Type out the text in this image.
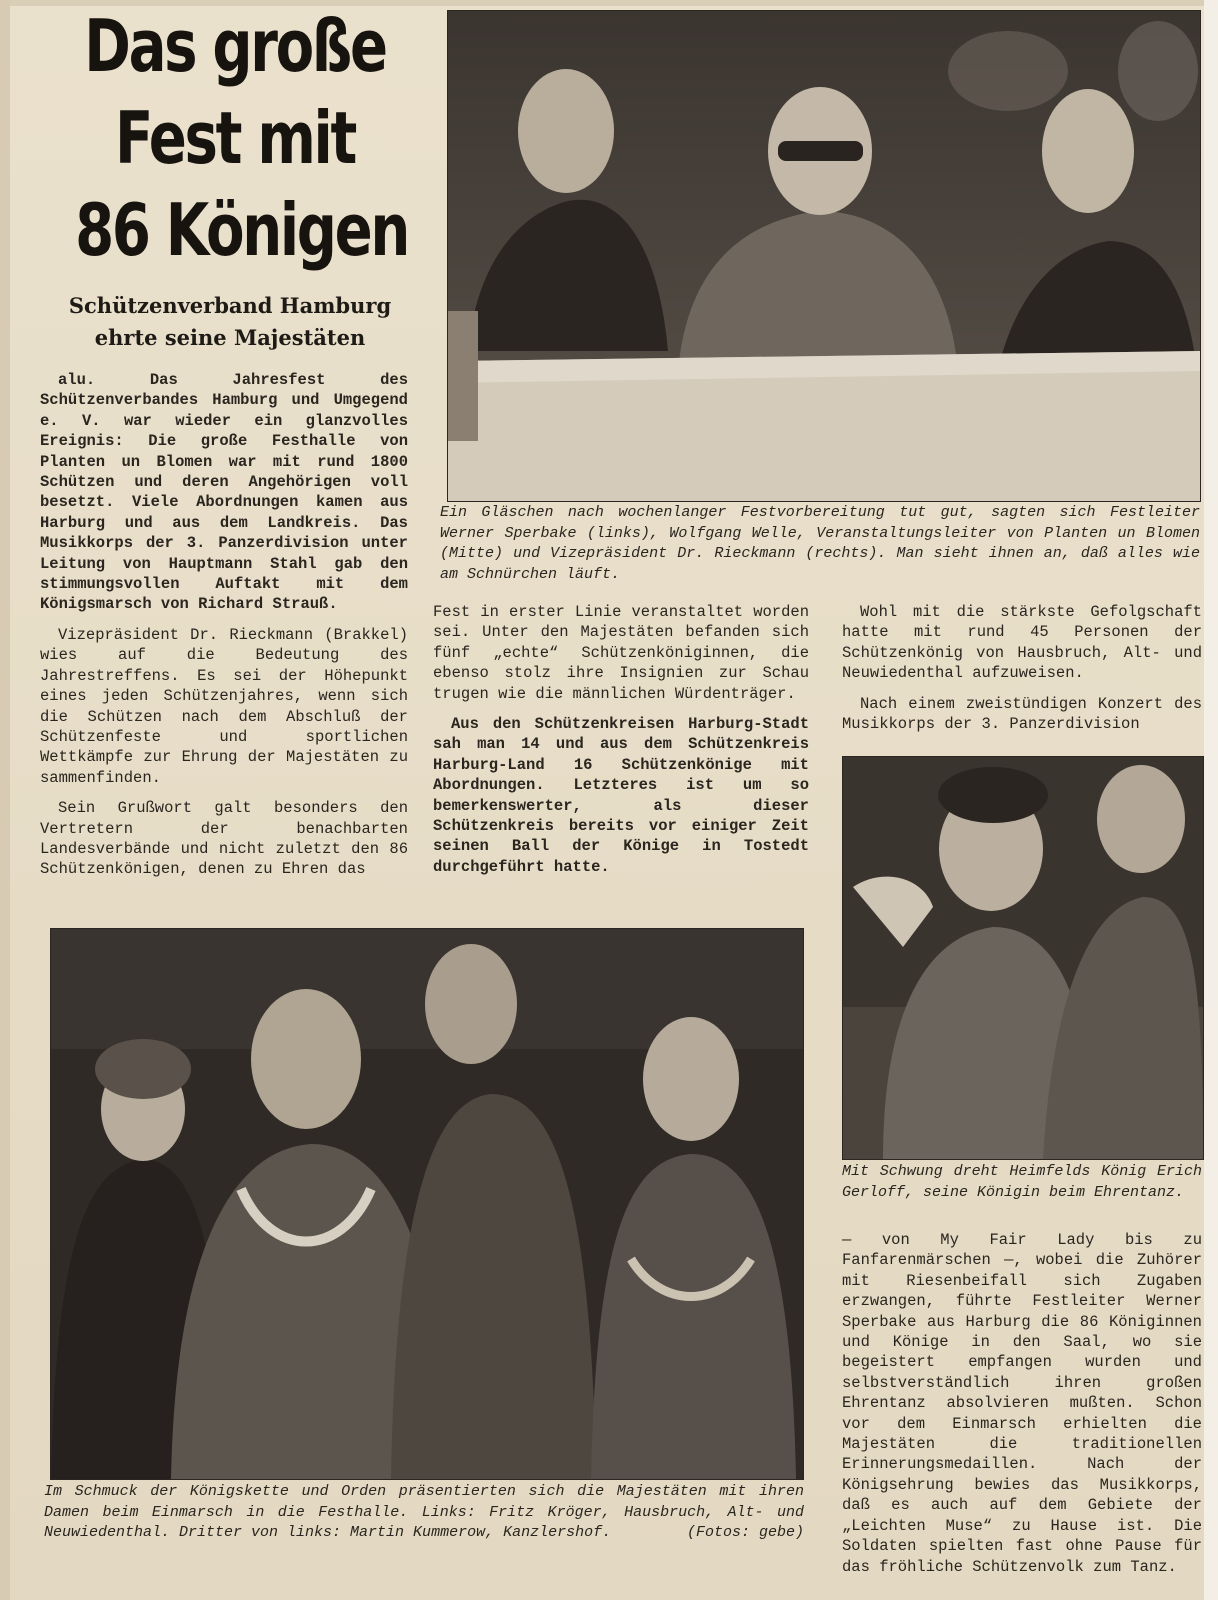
Das große
Fest mit
86 Königen
Schützenverband Hamburg
ehrte seine Majestäten

alu. Das Jahresfest des Schützenverbandes Hamburg und Umgegend e. V. war wieder ein glanzvolles Ereignis: Die große Festhalle von Planten un Blomen war mit rund 1800 Schützen und deren Angehörigen voll besetzt. Viele Abordnungen kamen aus Harburg und aus dem Landkreis. Das Musikkorps der 3. Panzerdivision unter Leitung von Hauptmann Stahl gab den stimmungsvollen Auftakt mit dem Königsmarsch von Richard Strauß.

Vizepräsident Dr. Rieckmann (Brakkel) wies auf die Bedeutung des Jahrestreffens. Es sei der Höhepunkt eines jeden Schützenjahres, wenn sich die Schützen nach dem Abschluß der Schützenfeste und sportlichen Wettkämpfe zur Ehrung der Majestäten zu sammenfinden.

Sein Grußwort galt besonders den Vertretern der benachbarten Landesverbände und nicht zuletzt den 86 Schützenkönigen, denen zu Ehren das

Ein Gläschen nach wochenlanger Festvorbereitung tut gut, sagten sich Festleiter Werner Sperbake (links), Wolfgang Welle, Veranstaltungsleiter von Planten un Blomen (Mitte) und Vizepräsident Dr. Rieckmann (rechts). Man sieht ihnen an, daß alles wie am Schnürchen läuft.

Fest in erster Linie veranstaltet worden sei. Unter den Majestäten befanden sich fünf „echte“ Schützenköniginnen, die ebenso stolz ihre Insignien zur Schau trugen wie die männlichen Würdenträger.

Aus den Schützenkreisen Harburg-Stadt sah man 14 und aus dem Schützenkreis Harburg-Land 16 Schützenkönige mit Abordnungen. Letzteres ist um so bemerkenswerter, als dieser Schützenkreis bereits vor einiger Zeit seinen Ball der Könige in Tostedt durchgeführt hatte.

Wohl mit die stärkste Gefolgschaft hatte mit rund 45 Personen der Schützenkönig von Hausbruch, Alt- und Neuwiedenthal aufzuweisen.

Nach einem zweistündigen Konzert des Musikkorps der 3. Panzerdivision

Mit Schwung dreht Heimfelds König Erich Gerloff, seine Königin beim Ehrentanz.

— von My Fair Lady bis zu Fanfarenmärschen —, wobei die Zuhörer mit Riesenbeifall sich Zugaben erzwangen, führte Festleiter Werner Sperbake aus Harburg die 86 Königinnen und Könige in den Saal, wo sie begeistert empfangen wurden und selbstverständlich ihren großen Ehrentanz absolvieren mußten. Schon vor dem Einmarsch erhielten die Majestäten die traditionellen Erinnerungsmedaillen. Nach der Königsehrung bewies das Musikkorps, daß es auch auf dem Gebiete der „Leichten Muse“ zu Hause ist. Die Soldaten spielten fast ohne Pause für das fröhliche Schützenvolk zum Tanz.

Im Schmuck der Königskette und Orden präsentierten sich die Majestäten mit ihren Damen beim Einmarsch in die Festhalle. Links: Fritz Kröger, Hausbruch, Alt- und Neuwiedenthal. Dritter von links: Martin Kummerow, Kanzlershof.	(Fotos: gebe)
